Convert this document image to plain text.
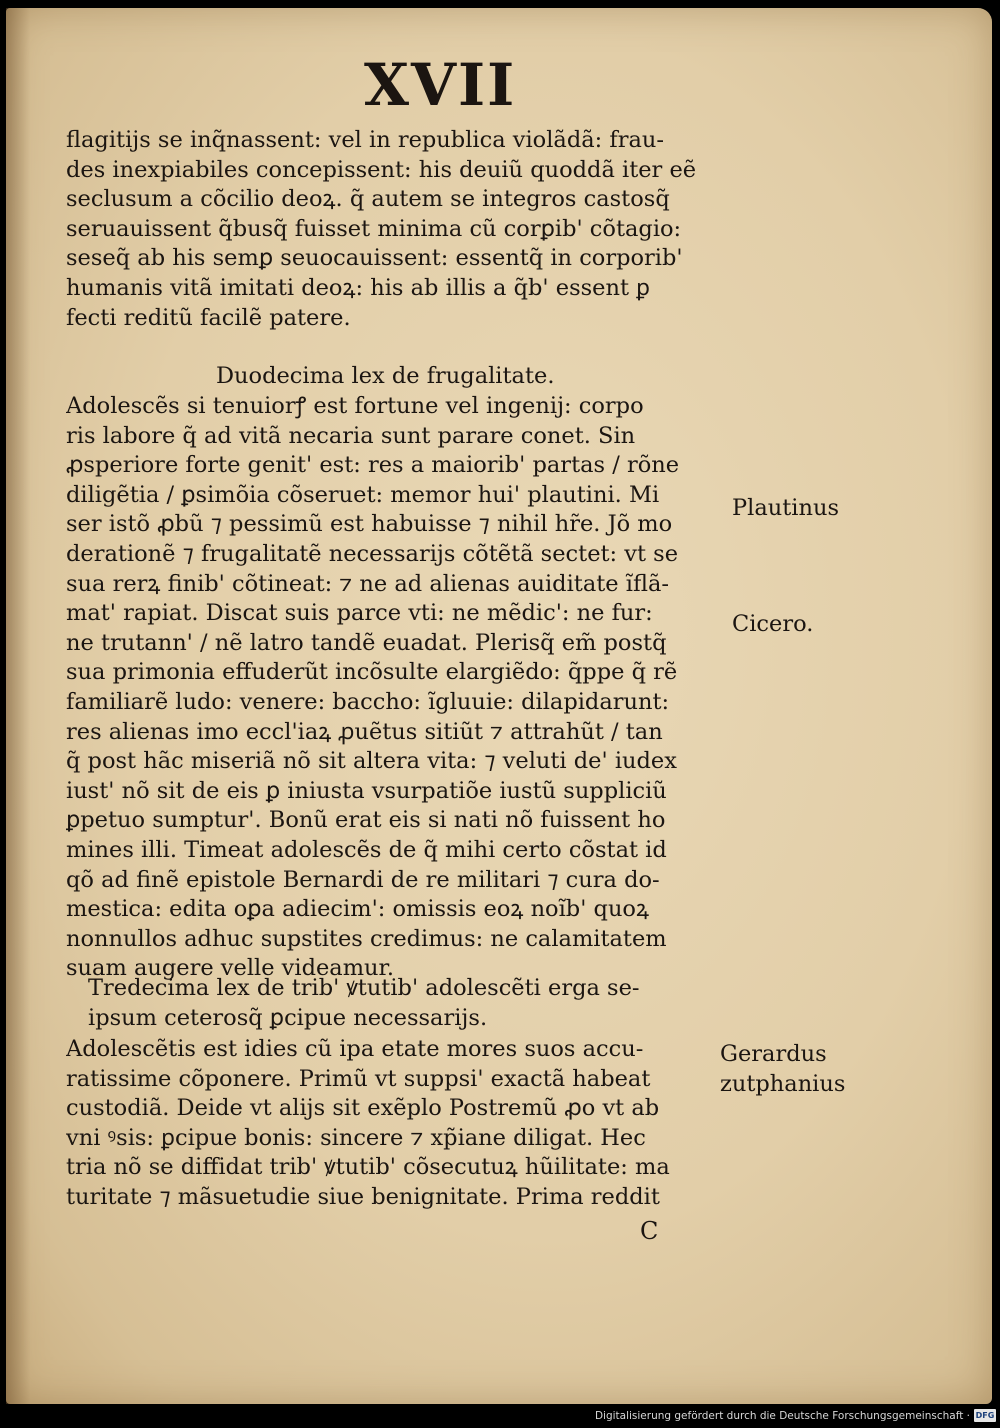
XVII
flagitijs se inq̃nassent: vel in republica violãdã: frau-
des inexpiabiles concepissent: his deuiũ quoddã iter eẽ
seclusum a cõcilio deoꝝ. q̃ autem se integros castosq̃
seruauissent q̃busq̃ fuisset minima cũ corꝑib' cõtagio:
seseq̃ ab his semꝑ seuocauissent: essentq̃ in corporib'
humanis vitã imitati deoꝝ: his ab illis a q̃b' essent ꝑ
fecti reditũ facilẽ patere.
Duodecima lex de frugalitate.
Adolescẽs si tenuiorꝭ est fortune vel ingenij: corpo
ris labore q̃ ad vitã necaria sunt parare conet. Sin
ꝓsperiore forte genit' est: res a maiorib' partas / rõne
diligẽtia / ꝑsimõia cõseruet: memor hui' plautini. Mi
ser istõ ꝓbũ ⁊ pessimũ est habuisse ⁊ nihil hr̃e. Jõ mo
derationẽ ⁊ frugalitatẽ necessarijs cõtẽtã sectet: vt se
sua rerꝝ finib' cõtineat: ⁊ ne ad alienas auiditate ĩflã-
mat' rapiat. Discat suis parce vti: ne mẽdic': ne fur:
ne trutann' / nẽ latro tandẽ euadat. Plerisq̃ em̃ postq̃
sua primonia effuderũt incõsulte elargiẽdo: q̃ppe q̃ rẽ
familiarẽ ludo: venere: baccho: ĩgluuie: dilapidarunt:
res alienas imo eccl'iaꝝ ꝓuẽtus sitiũt ⁊ attrahũt / tan
q̃ post hãc miseriã nõ sit altera vita: ⁊ veluti de' iudex
iust' nõ sit de eis ꝑ iniusta vsurpatiõe iustũ suppliciũ
ꝑpetuo sumptur'. Bonũ erat eis si nati nõ fuissent ho
mines illi. Timeat adolescẽs de q̃ mihi certo cõstat id
qõ ad finẽ epistole Bernardi de re militari ⁊ cura do-
mestica: edita oꝑa adiecim': omissis eoꝝ noĩb' quoꝝ
nonnullos adhuc supstites credimus: ne calamitatem
suam augere velle videamur.
Tredecima lex de trib' ꝟtutib' adolescẽti erga se-
ipsum ceterosq̃ ꝑcipue necessarijs.
Adolescẽtis est idies cũ ipa etate mores suos accu-
ratissime cõponere. Primũ vt suppsi' exactã habeat
custodiã. Deide vt alijs sit exẽplo Postremũ ꝓo vt ab
vni ꝰsis: ꝑcipue bonis: sincere ⁊ xp̃iane diligat. Hec
tria nõ se diffidat trib' ꝟtutib' cõsecutuꝝ hũilitate: ma
turitate ⁊ mãsuetudie siue benignitate. Prima reddit
Plautinus
Cicero.
Gerardus
zutphanius
C
Digitalisierung gefördert durch die Deutsche Forschungsgemeinschaft · DFG
